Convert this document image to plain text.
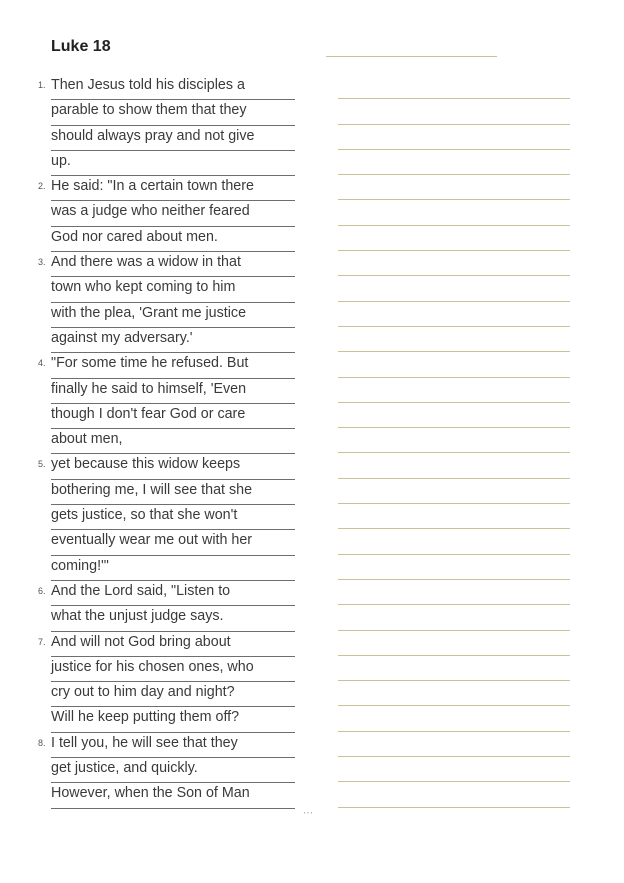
Luke 18
1. Then Jesus told his disciples a
parable to show them that they
should always pray and not give
up.
2. He said: "In a certain town there
was a judge who neither feared
God nor cared about men.
3. And there was a widow in that
town who kept coming to him
with the plea, 'Grant me justice
against my adversary.'
4. "For some time he refused. But
finally he said to himself, 'Even
though I don't fear God or care
about men,
5. yet because this widow keeps
bothering me, I will see that she
gets justice, so that she won't
eventually wear me out with her
coming!'"
6. And the Lord said, "Listen to
what the unjust judge says.
7. And will not God bring about
justice for his chosen ones, who
cry out to him day and night?
Will he keep putting them off?
8. I tell you, he will see that they
get justice, and quickly.
However, when the Son of Man
' ' '
